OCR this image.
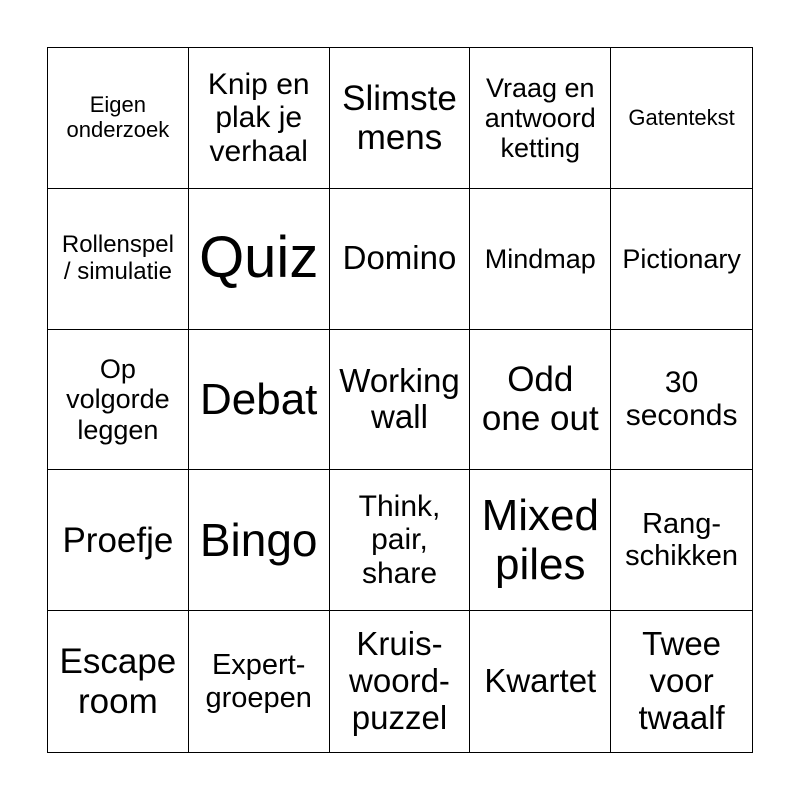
Eigen
onderzoek
Knip en
plak je
verhaal
Slimste
mens
Vraag en
antwoord
ketting
Gatentekst
Rollenspel
/ simulatie Quiz Domino Mindmap Pictionary
Op
volgorde
leggen
Debat Working
wall
Odd
one out
30
seconds
Proefje Bingo
Think,
pair,
share
Mixed
piles
Rang-
schikken
Escape
room
Expert-
groepen
Kruis-
woord-
puzzel
Kwartet
Twee
voor
twaalf
